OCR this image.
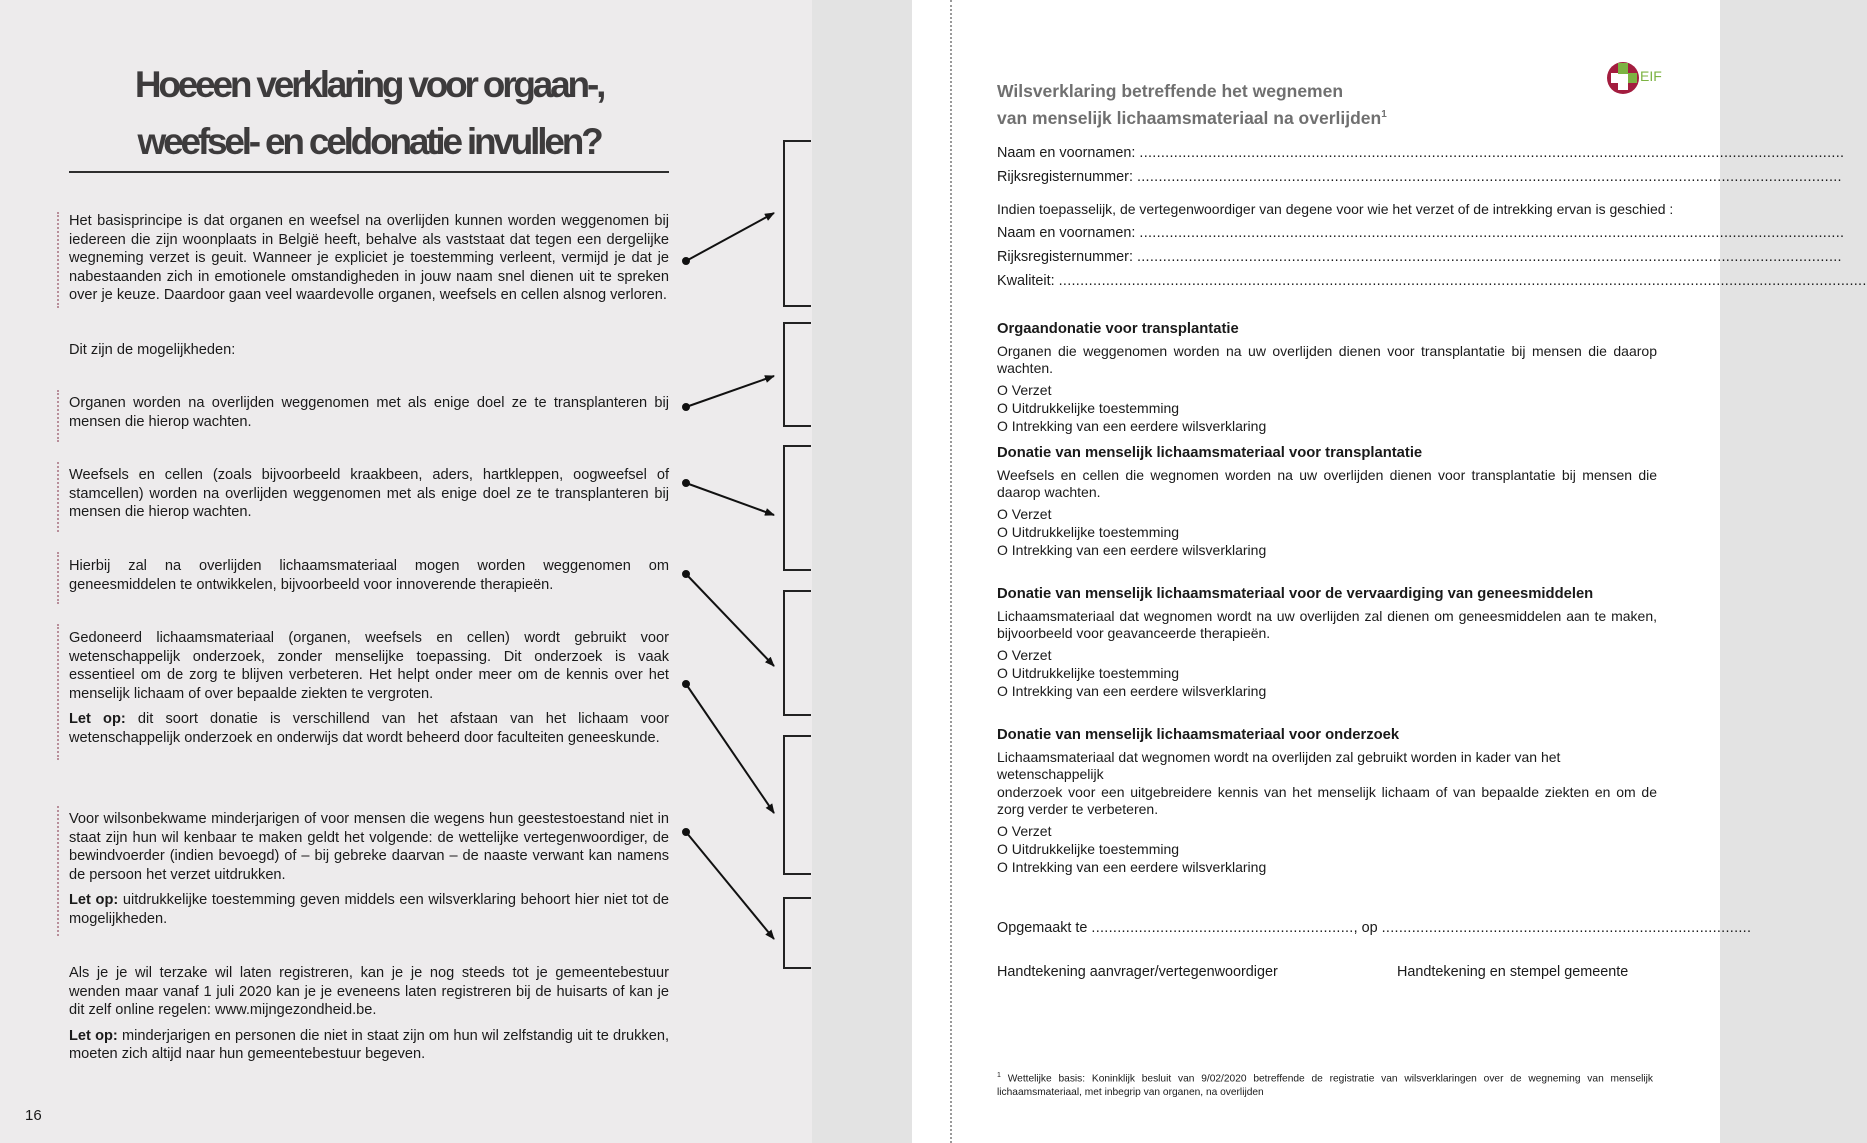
Hoeeen verklaring voor orgaan-,
weefsel- en celdonatie invullen?

Het basisprincipe is dat organen en weefsel na overlijden kunnen worden weggenomen bij iedereen die zijn woonplaats in België heeft, behalve als vaststaat dat tegen een dergelijke wegneming verzet is geuit. Wanneer je expliciet je toestemming verleent, vermijd je dat je nabestaanden zich in emotionele omstandigheden in jouw naam snel dienen uit te spreken over je keuze. Daardoor gaan veel waardevolle organen, weefsels en cellen alsnog verloren.

Dit zijn de mogelijkheden:

Organen worden na overlijden weggenomen met als enige doel ze te transplanteren bij mensen die hierop wachten.

Weefsels en cellen (zoals bijvoorbeeld kraakbeen, aders, hartkleppen, oogweefsel of stamcellen) worden na overlijden weggenomen met als enige doel ze te transplanteren bij mensen die hierop wachten.

Hierbij zal na overlijden lichaamsmateriaal mogen worden weggenomen om geneesmiddelen te ontwikkelen, bijvoorbeeld voor innoverende therapieën.

Gedoneerd lichaamsmateriaal (organen, weefsels en cellen) wordt gebruikt voor wetenschappelijk onderzoek, zonder menselijke toepassing. Dit onderzoek is vaak essentieel om de zorg te blijven verbeteren. Het helpt onder meer om de kennis over het menselijk lichaam of over bepaalde ziekten te vergroten.

Let op: dit soort donatie is verschillend van het afstaan van het lichaam voor wetenschappelijk onderzoek en onderwijs dat wordt beheerd door faculteiten geneeskunde.

Voor wilsonbekwame minderjarigen of voor mensen die wegens hun geestestoestand niet in staat zijn hun wil kenbaar te maken geldt het volgende: de wettelijke vertegenwoordiger, de bewindvoerder (indien bevoegd) of – bij gebreke daarvan – de naaste verwant kan namens de persoon het verzet uitdrukken.

Let op: uitdrukkelijke toestemming geven middels een wilsverklaring behoort hier niet tot de mogelijkheden.

Als je je wil terzake wil laten registreren, kan je je nog steeds tot je gemeentebestuur wenden maar vanaf 1 juli 2020 kan je je eveneens laten registreren bij de huisarts of kan je dit zelf online regelen: www.mijngezondheid.be.

Let op: minderjarigen en personen die niet in staat zijn om hun wil zelfstandig uit te drukken, moeten zich altijd naar hun gemeentebestuur begeven.

16
EIF
Wilsverklaring betreffende het wegnemen
van menselijk lichaamsmateriaal na overlijden$^1$
Naam en voornamen: ....................................................................................................................................................................
Rijksregisternummer: ....................................................................................................................................................................
Indien toepasselijk, de vertegenwoordiger van degene voor wie het verzet of de intrekking ervan is geschied :
Naam en voornamen: ....................................................................................................................................................................
Rijksregisternummer: ....................................................................................................................................................................
Kwaliteit: ............................................................................................................................................................................................
Orgaandonatie voor transplantatie
Organen die weggenomen worden na uw overlijden dienen voor transplantatie bij mensen die daarop wachten.
O Verzet
O Uitdrukkelijke toestemming
O Intrekking van een eerdere wilsverklaring
Donatie van menselijk lichaamsmateriaal voor transplantatie
Weefsels en cellen die wegnomen worden na uw overlijden dienen voor transplantatie bij mensen die daarop wachten.
O Verzet
O Uitdrukkelijke toestemming
O Intrekking van een eerdere wilsverklaring
Donatie van menselijk lichaamsmateriaal voor de vervaardiging van geneesmiddelen
Lichaamsmateriaal dat wegnomen wordt na uw overlijden zal dienen om geneesmiddelen aan te maken, bijvoorbeeld voor geavanceerde therapieën.
O Verzet
O Uitdrukkelijke toestemming
O Intrekking van een eerdere wilsverklaring
Donatie van menselijk lichaamsmateriaal voor onderzoek
Lichaamsmateriaal dat wegnomen wordt na overlijden zal gebruikt worden in kader van het
wetenschappelijk
onderzoek voor een uitgebreidere kennis van het menselijk lichaam of van bepaalde ziekten en om de zorg verder te verbeteren.
O Verzet
O Uitdrukkelijke toestemming
O Intrekking van een eerdere wilsverklaring
Opgemaakt te ............................................................., op ......................................................................................
Handtekening aanvrager/vertegenwoordiger	Handtekening en stempel gemeente
$^1$ Wettelijke basis: Koninklijk besluit van 9/02/2020 betreffende de registratie van wilsverklaringen over de wegneming van menselijk lichaamsmateriaal, met inbegrip van organen, na overlijden
